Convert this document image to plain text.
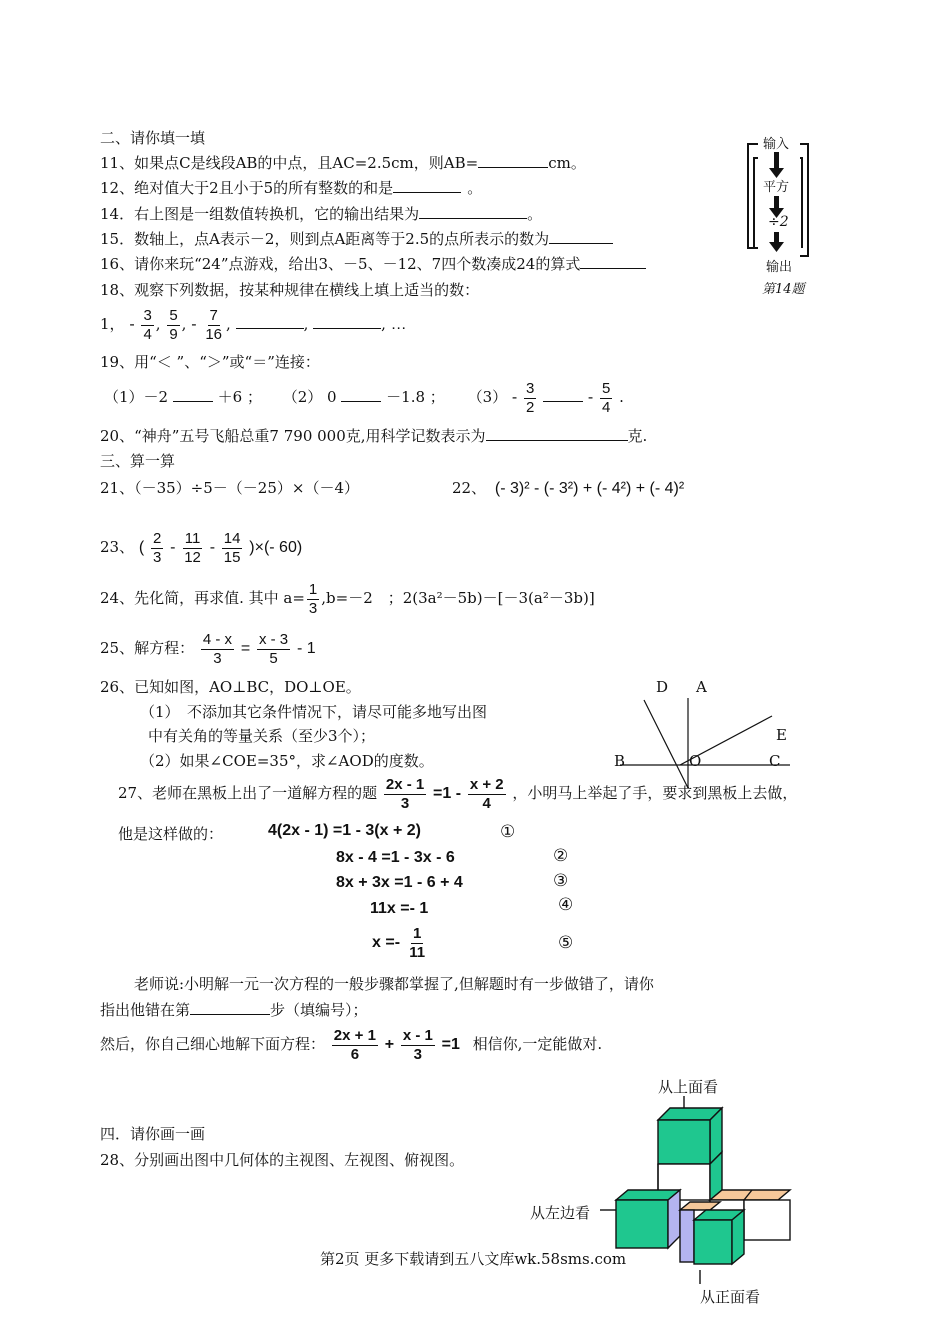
二、请你填一填
11、如果点C是线段AB的中点，且AC=2.5cm，则AB=	cm。
12、绝对值大于2且小于5的所有整数的和是	。
14．右上图是一组数值转换机，它的输出结果为	。
15．数轴上，点A表示－2，则到点A距离等于2.5的点所表示的数为
16、请你来玩“24”点游戏，给出3、－5、－12、7四个数凑成24的算式
18、观察下列数据，按某种规律在横线上填上适当的数：
1， - $\frac{3}{4}$ , $\frac{5}{9}$ , - $\frac{7}{16}$ ,	,	, …
19、用“＜ ”、“＞”或“＝”连接：
（1）－2	＋6 ； （2） 0	－1.8 ； $(3) - \frac{3}{2}$	- $\frac{5}{4}$ .
20、“神舟”五号飞船总重7 790 000克,用科学记数表示为	克.
输入
平方
÷2
输出
第14题
三、算一算
21、（－35）÷5－（－25）×（－4）	22、 (- 3)² - (- 3²) + (- 4²) + (- 4)²
23、 ( $\frac{2}{3} - \frac{11}{12} - \frac{14}{15}$ )×(- 60)
24、先化简，再求值. 其中 $a= \frac{1}{3} ,b=-2$　；2(3a²－5b)－[－3(a²－3b)]
25、解方程： $\frac{4 - x}{3} = \frac{x - 3}{5} - 1$
26、已知如图，AO⊥BC，DO⊥OE。
（1）　不添加其它条件情况下，请尽可能多地写出图
中有关角的等量关系（至少3个）；
（2）如果∠COE=35°，求∠AOD的度数。
D A
E
B	O	C
27、老师在黑板上出了一道解方程的题 $\frac{2x - 1}{3} =1 - \frac{x + 2}{4}$ ，小明马上举起了手，要求到黑板上去做，
他是这样做的：	4(2x - 1) =1 - 3(x + 2)	①
8x - 4 =1 - 3x - 6	②
8x + 3x =1 - 6 + 4	③
11x =- 1	④
$x =- \frac{1}{11}$	⑤
老师说:小明解一元一次方程的一般步骤都掌握了,但解题时有一步做错了，请你
指出他错在第	步（填编号）；
然后，你自己细心地解下面方程： $\frac{2x + 1}{6} + \frac{x - 1}{3} =1$ 相信你,一定能做对.
四．请你画一画
28、分别画出图中几何体的主视图、左视图、俯视图。
从上面看
从左边看
从正面看
第2页 更多下载请到五八文库wk.58sms.com
